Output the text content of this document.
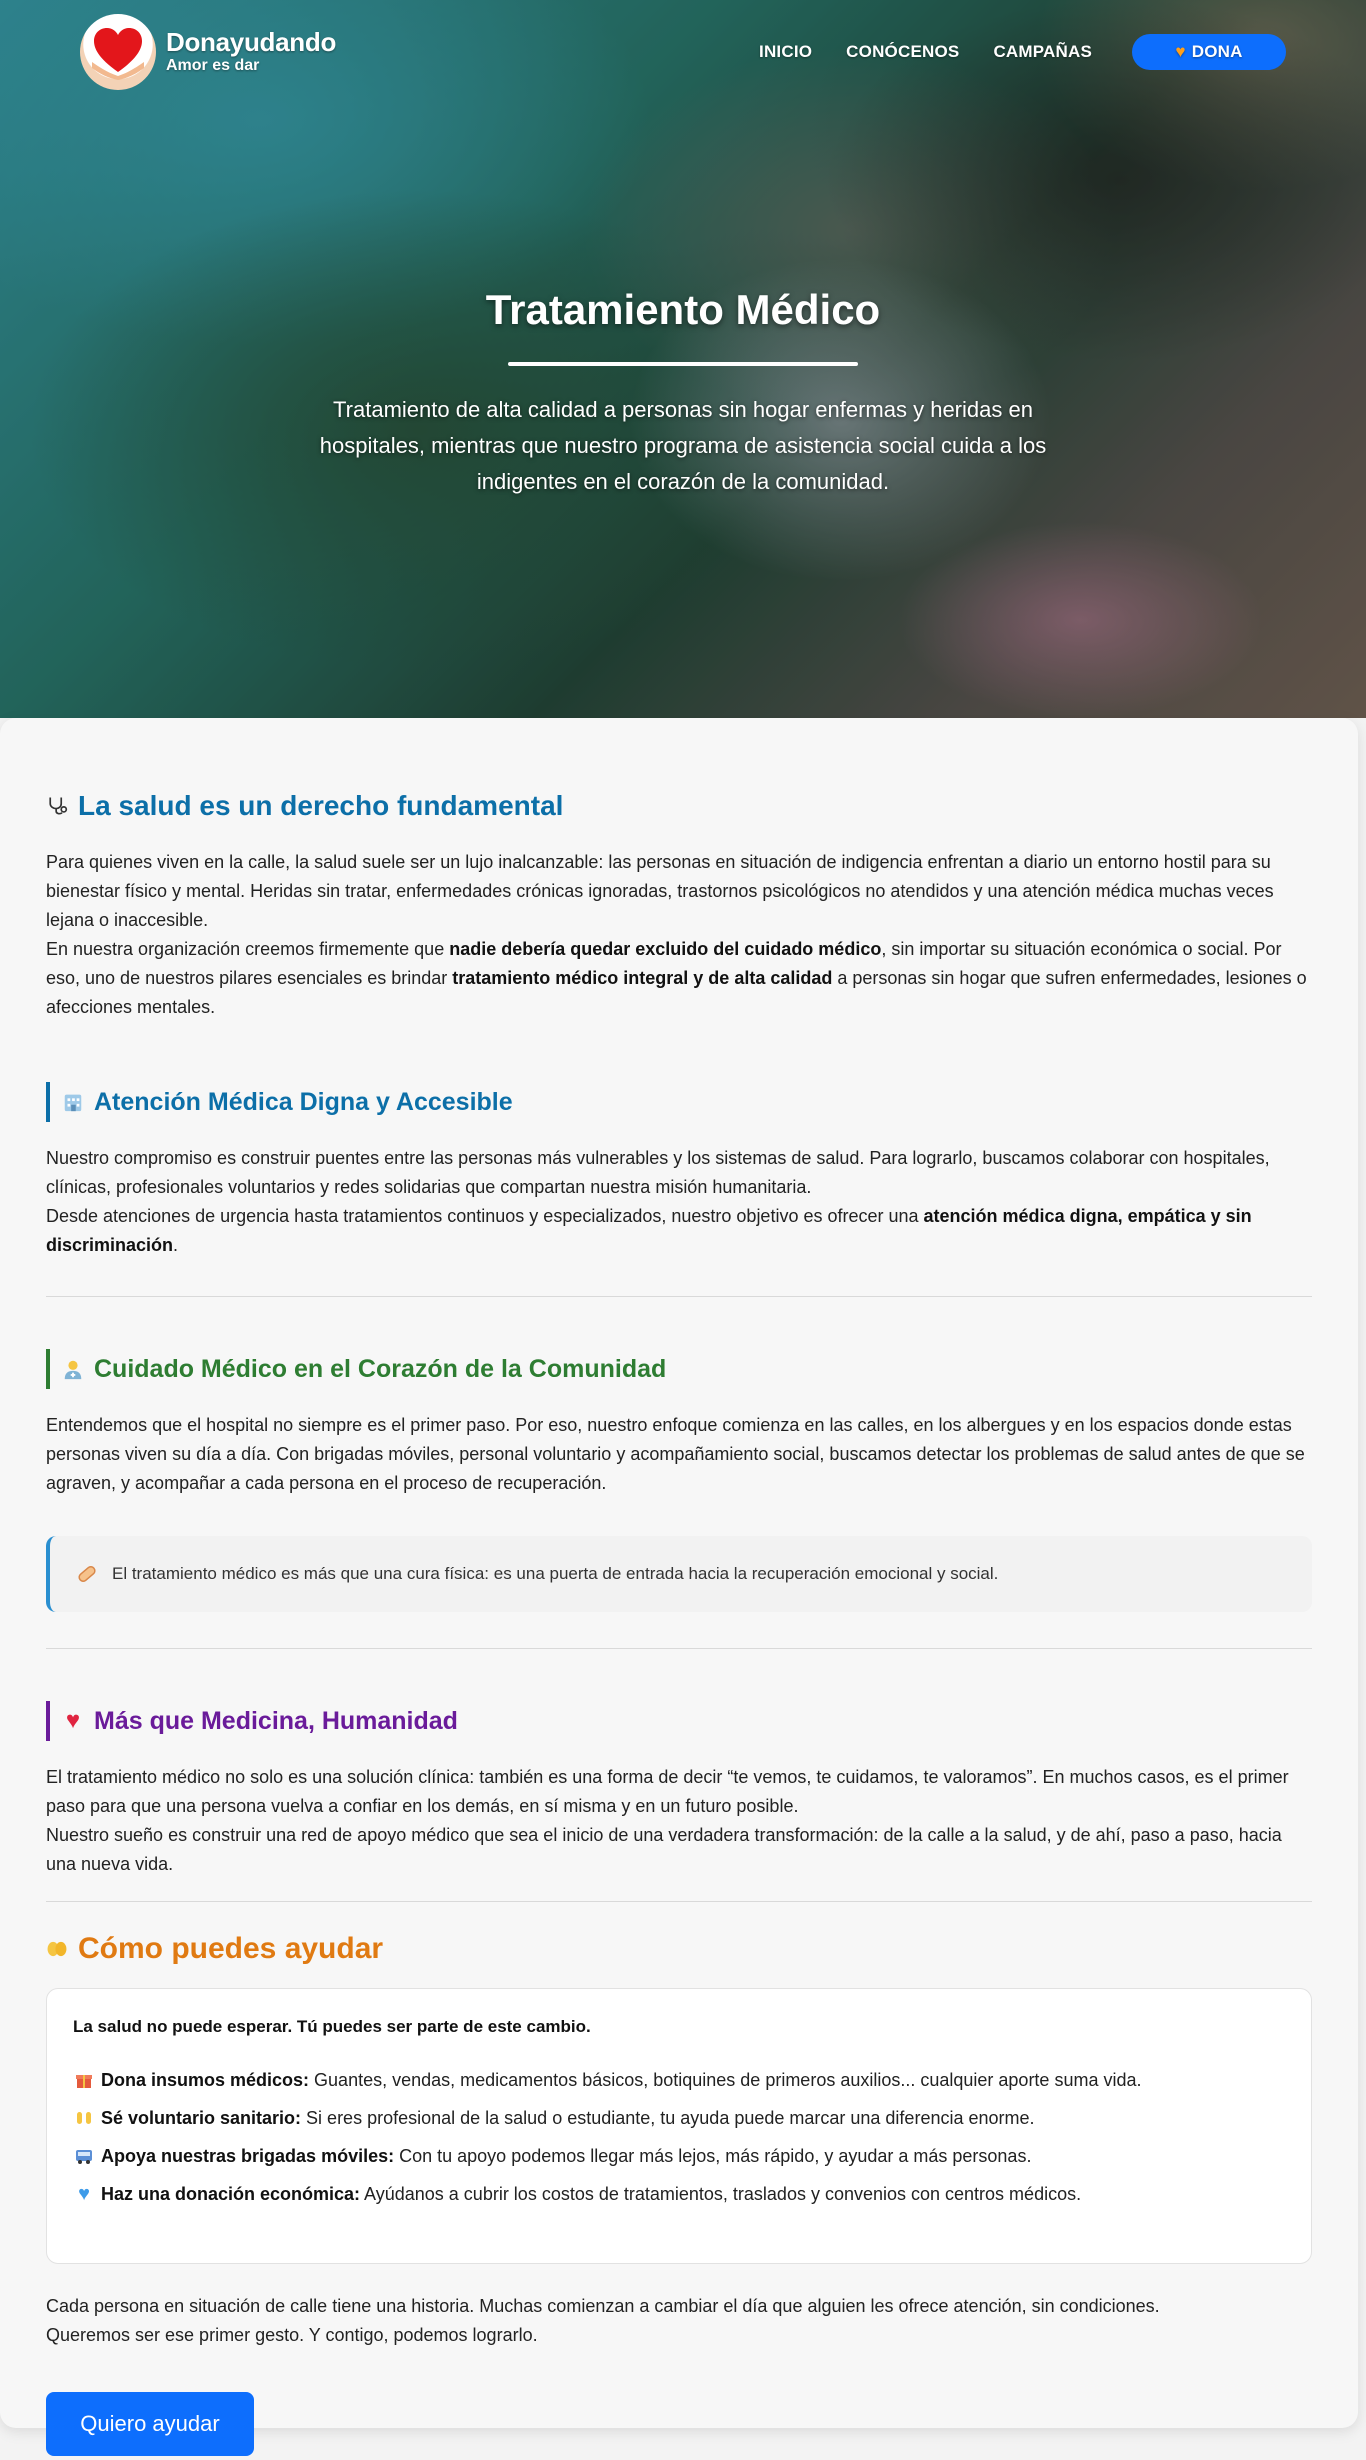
Donayudando
Amor es dar
INICIO CONÓCENOS CAMPAÑAS	♥ DONA
Tratamiento Médico

Tratamiento de alta calidad a personas sin hogar enfermas y heridas en hospitales, mientras que nuestro programa de asistencia social cuida a los indigentes en el corazón de la comunidad.

La salud es un derecho fundamental

Para quienes viven en la calle, la salud suele ser un lujo inalcanzable: las personas en situación de indigencia enfrentan a diario un entorno hostil para su bienestar físico y mental. Heridas sin tratar, enfermedades crónicas ignoradas, trastornos psicológicos no atendidos y una atención médica muchas veces lejana o inaccesible.

En nuestra organización creemos firmemente que nadie debería quedar excluido del cuidado médico, sin importar su situación económica o social. Por eso, uno de nuestros pilares esenciales es brindar tratamiento médico integral y de alta calidad a personas sin hogar que sufren enfermedades, lesiones o afecciones mentales.

Atención Médica Digna y Accesible

Nuestro compromiso es construir puentes entre las personas más vulnerables y los sistemas de salud. Para lograrlo, buscamos colaborar con hospitales, clínicas, profesionales voluntarios y redes solidarias que compartan nuestra misión humanitaria.

Desde atenciones de urgencia hasta tratamientos continuos y especializados, nuestro objetivo es ofrecer una atención médica digna, empática y sin discriminación.

Cuidado Médico en el Corazón de la Comunidad

Entendemos que el hospital no siempre es el primer paso. Por eso, nuestro enfoque comienza en las calles, en los albergues y en los espacios donde estas personas viven su día a día. Con brigadas móviles, personal voluntario y acompañamiento social, buscamos detectar los problemas de salud antes de que se agraven, y acompañar a cada persona en el proceso de recuperación.

El tratamiento médico es más que una cura física: es una puerta de entrada hacia la recuperación emocional y social.
♥ Más que Medicina, Humanidad

El tratamiento médico no solo es una solución clínica: también es una forma de decir “te vemos, te cuidamos, te valoramos”. En muchos casos, es el primer paso para que una persona vuelva a confiar en los demás, en sí misma y en un futuro posible.

Nuestro sueño es construir una red de apoyo médico que sea el inicio de una verdadera transformación: de la calle a la salud, y de ahí, paso a paso, hacia una nueva vida.

Cómo puedes ayudar

La salud no puede esperar. Tú puedes ser parte de este cambio.

Dona insumos médicos: Guantes, vendas, medicamentos básicos, botiquines de primeros auxilios... cualquier aporte suma vida.
Sé voluntario sanitario: Si eres profesional de la salud o estudiante, tu ayuda puede marcar una diferencia enorme.
Apoya nuestras brigadas móviles: Con tu apoyo podemos llegar más lejos, más rápido, y ayudar a más personas.
♥ Haz una donación económica: Ayúdanos a cubrir los costos de tratamientos, traslados y convenios con centros médicos.

Cada persona en situación de calle tiene una historia. Muchas comienzan a cambiar el día que alguien les ofrece atención, sin condiciones.
Queremos ser ese primer gesto. Y contigo, podemos lograrlo.

Quiero ayudar
